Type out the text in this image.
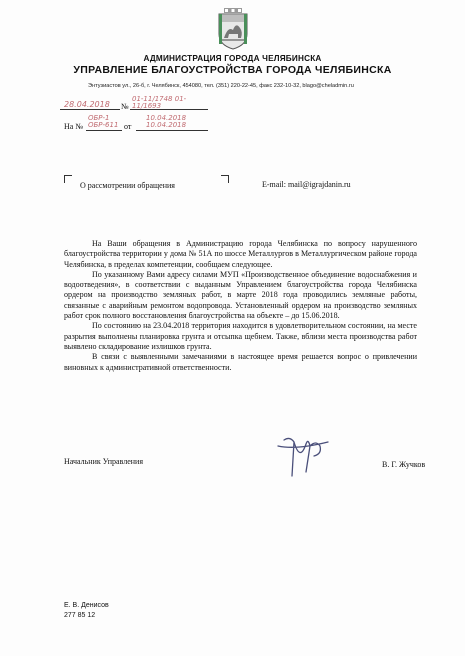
АДМИНИСТРАЦИЯ ГОРОДА ЧЕЛЯБИНСКА
УПРАВЛЕНИЕ БЛАГОУСТРОЙСТВА ГОРОДА ЧЕЛЯБИНСКА
Энтузиастов ул., 26-б, г. Челябинск, 454080, тел. (351) 220-22-45, факс 232-10-32, blago@cheladmin.ru
28.04.2018 №
01-11/1748 01-11/1693
На №
ОБР-1 ОБР-611 от
10.04.2018 10.04.2018
О рассмотрении обращения	E-mail: mail@igrajdanin.ru

На Ваши обращения в Администрацию города Челябинска по вопросу нарушенного благоустройства территории у дома № 51А по шоссе Металлургов в Металлургическом районе города Челябинска, в пределах компетенции, сообщаем следующее.

По указанному Вами адресу силами МУП «Производственное объединение водоснабжения и водоотведения», в соответствии с выданным Управлением благоустройства города Челябинска ордером на производство земляных работ, в марте 2018 года проводились земляные работы, связанные с аварийным ремонтом водопровода. Установленный ордером на производство земляных работ срок полного восстановления благоустройства на объекте – до 15.06.2018.

По состоянию на 23.04.2018 территория находится в удовлетворительном состоянии, на месте разрытия выполнены планировка грунта и отсыпка щебнем. Также, вблизи места производства работ выявлено складирование излишков грунта.

В связи с выявленными замечаниями в настоящее время решается вопрос о привлечении виновных к административной ответственности.

Начальник Управления	В. Г. Жучков
Е. В. Денисов
277 85 12
